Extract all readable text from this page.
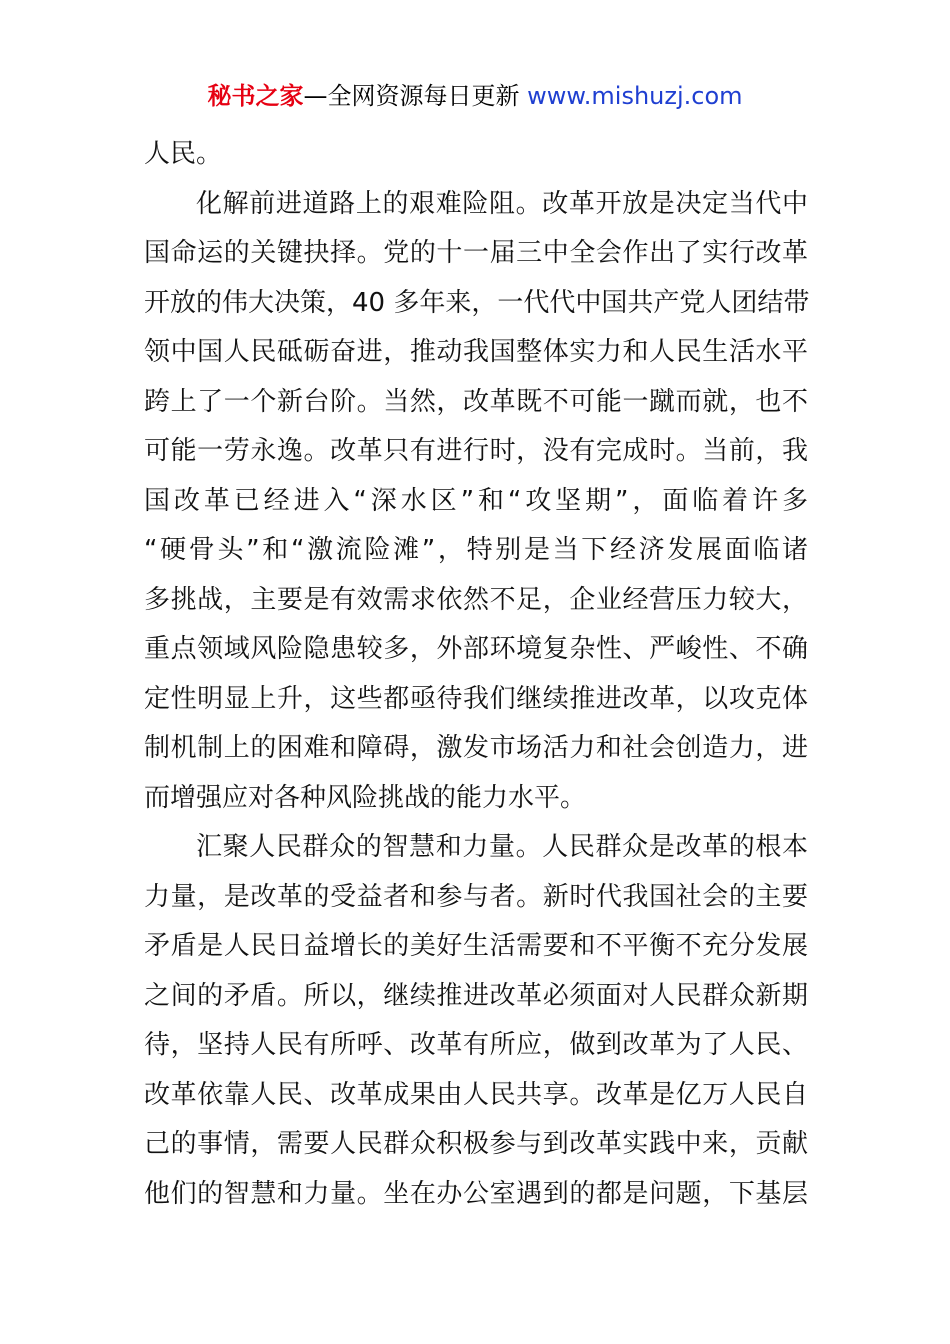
秘书之家—全网资源每日更新 www.mishuzj.com
人民。
化解前进道路上的艰难险阻。改革开放是决定当代中
国命运的关键抉择。党的十一届三中全会作出了实行改革
开放的伟大决策，40 多年来，一代代中国共产党人团结带
领中国人民砥砺奋进，推动我国整体实力和人民生活水平
跨上了一个新台阶。当然，改革既不可能一蹴而就，也不
可能一劳永逸。改革只有进行时，没有完成时。当前，我
国改革已经进入“深水区”和“攻坚期”，面临着许多
“硬骨头”和“激流险滩”，特别是当下经济发展面临诸
多挑战，主要是有效需求依然不足，企业经营压力较大，
重点领域风险隐患较多，外部环境复杂性、严峻性、不确
定性明显上升，这些都亟待我们继续推进改革，以攻克体
制机制上的困难和障碍，激发市场活力和社会创造力，进
而增强应对各种风险挑战的能力水平。
汇聚人民群众的智慧和力量。人民群众是改革的根本
力量，是改革的受益者和参与者。新时代我国社会的主要
矛盾是人民日益增长的美好生活需要和不平衡不充分发展
之间的矛盾。所以，继续推进改革必须面对人民群众新期
待，坚持人民有所呼、改革有所应，做到改革为了人民、
改革依靠人民、改革成果由人民共享。改革是亿万人民自
己的事情，需要人民群众积极参与到改革实践中来，贡献
他们的智慧和力量。坐在办公室遇到的都是问题，下基层
